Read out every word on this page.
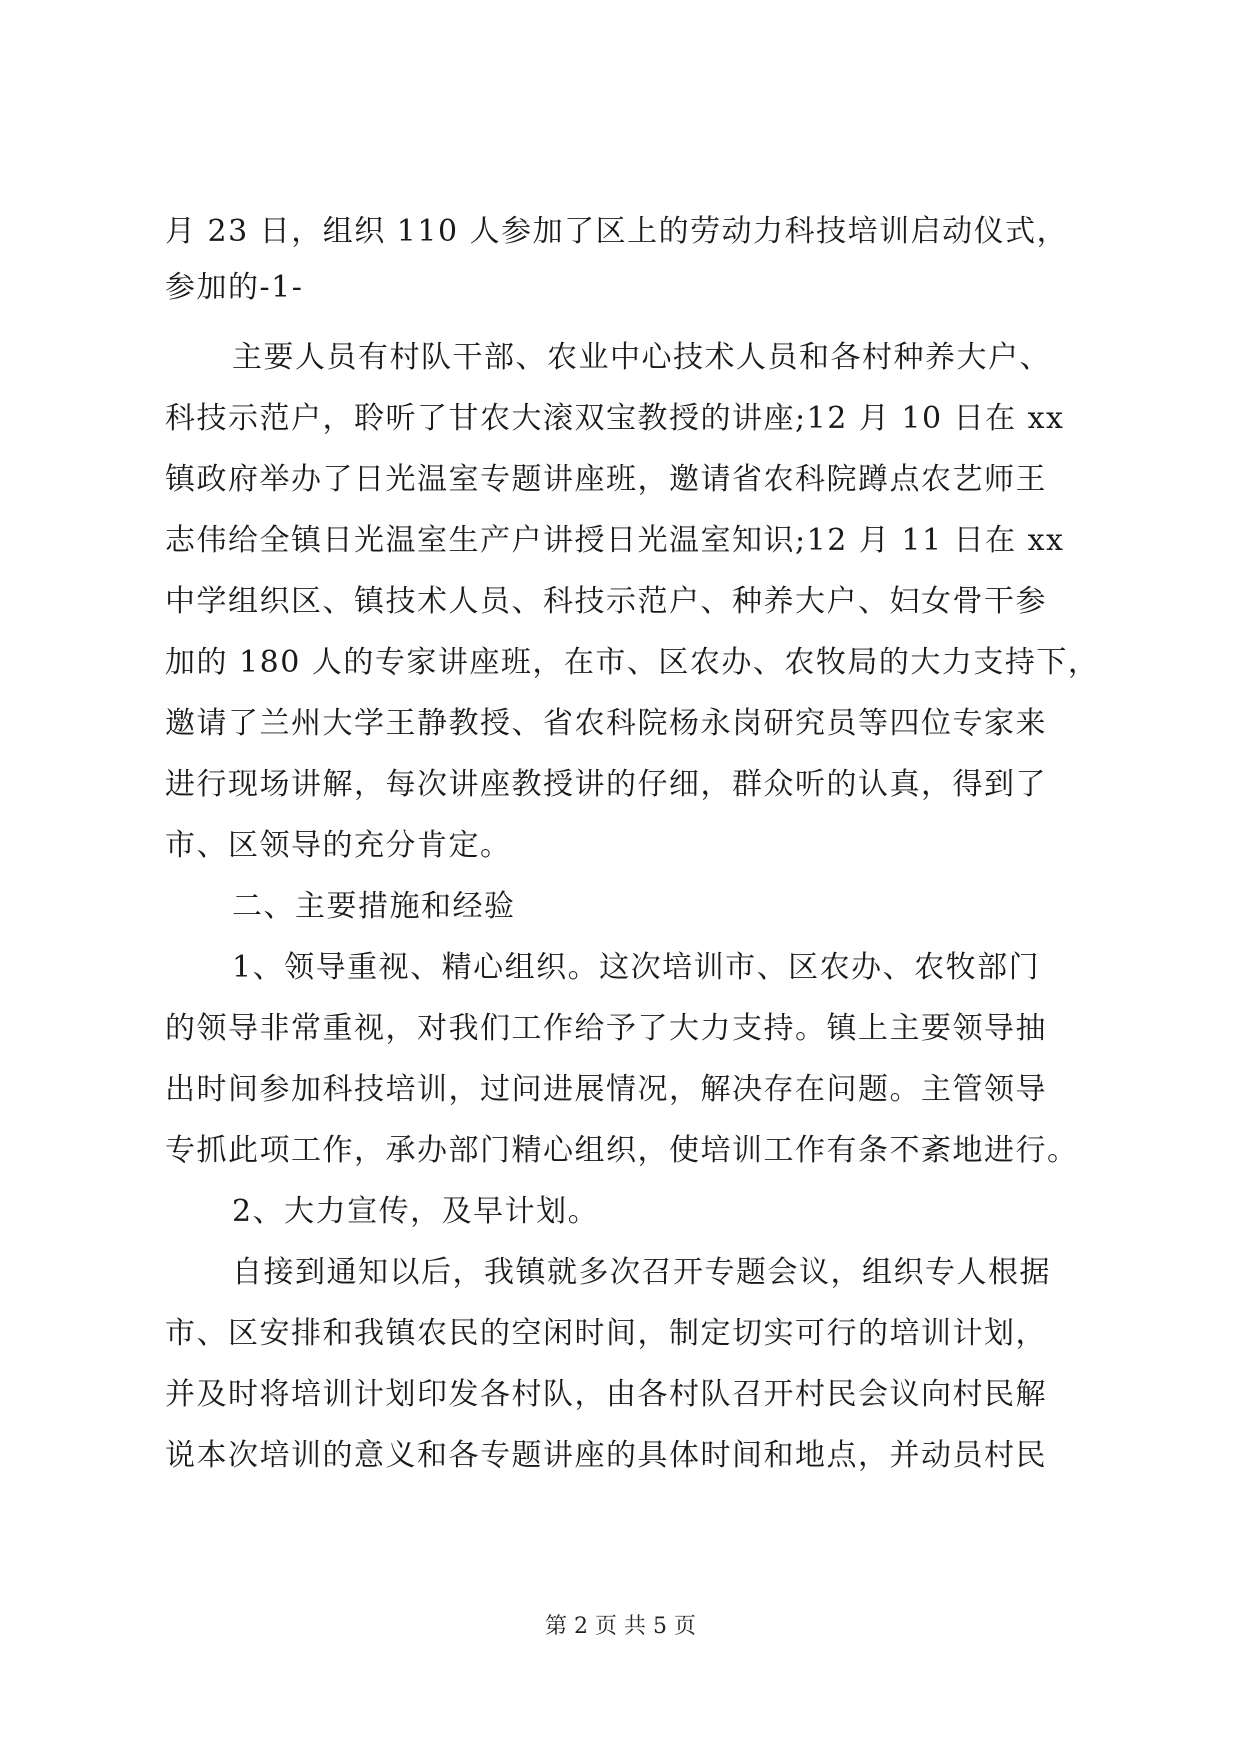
月 23 日，组织 110 人参加了区上的劳动力科技培训启动仪式，
参加的-1-
主要人员有村队干部、农业中心技术人员和各村种养大户、
科技示范户，聆听了甘农大滚双宝教授的讲座;12 月 10 日在 xx
镇政府举办了日光温室专题讲座班，邀请省农科院蹲点农艺师王
志伟给全镇日光温室生产户讲授日光温室知识;12 月 11 日在 xx
中学组织区、镇技术人员、科技示范户、种养大户、妇女骨干参
加的 180 人的专家讲座班，在市、区农办、农牧局的大力支持下，
邀请了兰州大学王静教授、省农科院杨永岗研究员等四位专家来
进行现场讲解，每次讲座教授讲的仔细，群众听的认真，得到了
市、区领导的充分肯定。
二、主要措施和经验
1、领导重视、精心组织。这次培训市、区农办、农牧部门
的领导非常重视，对我们工作给予了大力支持。镇上主要领导抽
出时间参加科技培训，过问进展情况，解决存在问题。主管领导
专抓此项工作，承办部门精心组织，使培训工作有条不紊地进行。
2、大力宣传，及早计划。
自接到通知以后，我镇就多次召开专题会议，组织专人根据
市、区安排和我镇农民的空闲时间，制定切实可行的培训计划，
并及时将培训计划印发各村队，由各村队召开村民会议向村民解
说本次培训的意义和各专题讲座的具体时间和地点，并动员村民
第 2 页 共 5 页
